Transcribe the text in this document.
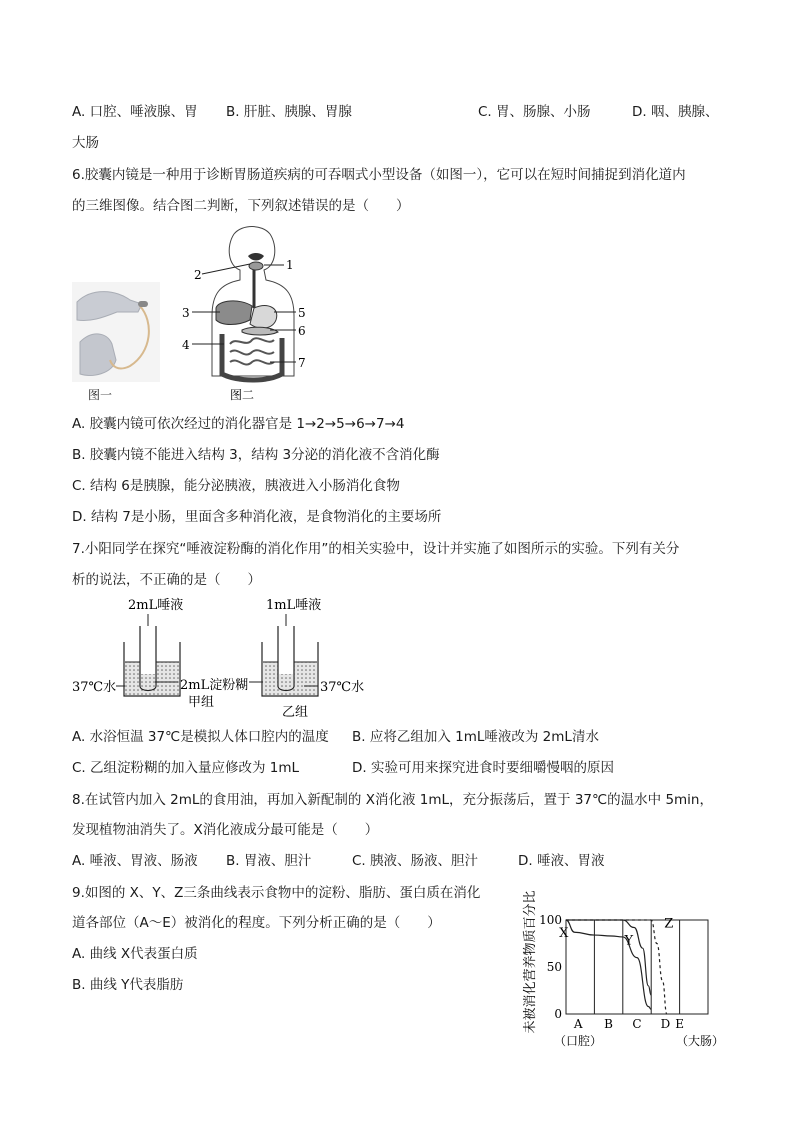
A. 口腔、唾液腺、胃 B. 肝脏、胰腺、胃腺	C. 胃、肠腺、小肠	D. 咽、胰腺、
大肠
6.胶囊内镜是一种用于诊断胃肠道疾病的可吞咽式小型设备（如图一），它可以在短时间捕捉到消化道内
的三维图像。结合图二判断，下列叙述错误的是（　　）
图一
1
2
3
4
5
6
7
图二
A. 胶囊内镜可依次经过的消化器官是 1→2→5→6→7→4
B. 胶囊内镜不能进入结构 3，结构 3分泌的消化液不含消化酶
C. 结构 6是胰腺，能分泌胰液，胰液进入小肠消化食物
D. 结构 7是小肠，里面含多种消化液，是食物消化的主要场所
7.小阳同学在探究“唾液淀粉酶的消化作用”的相关实验中，设计并实施了如图所示的实验。下列有关分
析的说法，不正确的是（　　）
2mL唾液
甲组
37℃水	2mL淀粉糊
1mL唾液
37℃水
乙组
A. 水浴恒温 37℃是模拟人体口腔内的温度 B. 应将乙组加入 1mL唾液改为 2mL清水
C. 乙组淀粉糊的加入量应修改为 1mL	D. 实验可用来探究进食时要细嚼慢咽的原因
8.在试管内加入 2mL的食用油，再加入新配制的 X消化液 1mL，充分振荡后，置于 37℃的温水中 5min，
发现植物油消失了。X消化液成分最可能是（　　）
A. 唾液、胃液、肠液 B. 胃液、胆汁	C. 胰液、肠液、胆汁	D. 唾液、胃液
9.如图的 X、Y、Z三条曲线表示食物中的淀粉、脂肪、蛋白质在消化
道各部位（A～E）被消化的程度。下列分析正确的是（　　）
A. 曲线 X代表蛋白质
B. 曲线 Y代表脂肪	未被消化营养物质百分比 100
50
0
A B C D E
X
Y
Z
（口腔）	（大肠）
